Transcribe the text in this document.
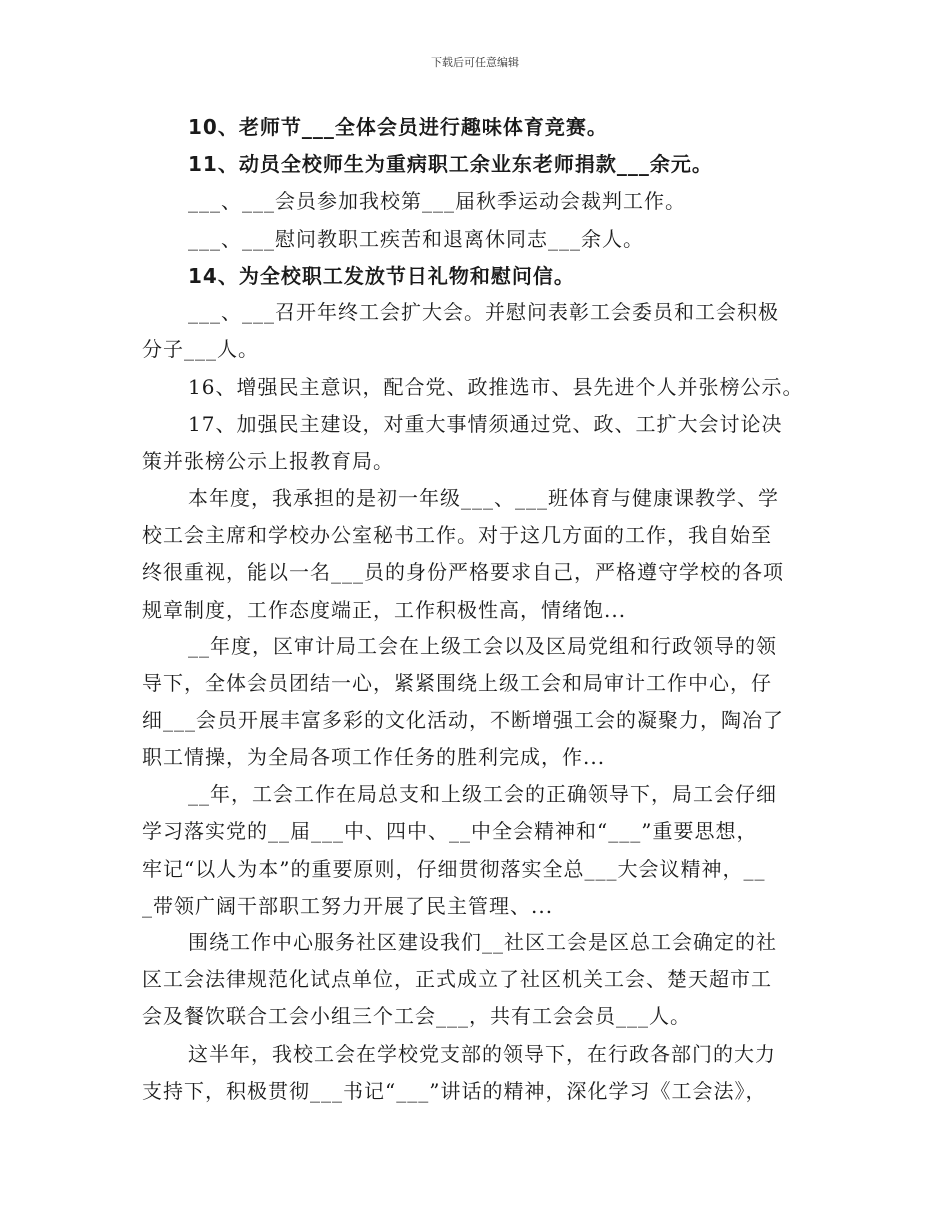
下载后可任意编辑
10、老师节___全体会员进行趣味体育竞赛。
11、动员全校师生为重病职工余业东老师捐款___余元。
___、___会员参加我校第___届秋季运动会裁判工作。
___、___慰问教职工疾苦和退离休同志___余人。
14、为全校职工发放节日礼物和慰问信。
___、___召开年终工会扩大会。并慰问表彰工会委员和工会积极
分子___人。
16、增强民主意识，配合党、政推选市、县先进个人并张榜公示。
17、加强民主建设，对重大事情须通过党、政、工扩大会讨论决
策并张榜公示上报教育局。
本年度，我承担的是初一年级___、___班体育与健康课教学、学
校工会主席和学校办公室秘书工作。对于这几方面的工作，我自始至
终很重视，能以一名___员的身份严格要求自己，严格遵守学校的各项
规章制度，工作态度端正，工作积极性高，情绪饱...
__年度，区审计局工会在上级工会以及区局党组和行政领导的领
导下，全体会员团结一心，紧紧围绕上级工会和局审计工作中心，仔
细___会员开展丰富多彩的文化活动，不断增强工会的凝聚力，陶冶了
职工情操，为全局各项工作任务的胜利完成，作...
__年，工会工作在局总支和上级工会的正确领导下，局工会仔细
学习落实党的__届___中、四中、__中全会精神和“___”重要思想，
牢记“以人为本”的重要原则，仔细贯彻落实全总___大会议精神，__
_带领广阔干部职工努力开展了民主管理、...
围绕工作中心服务社区建设我们__社区工会是区总工会确定的社
区工会法律规范化试点单位，正式成立了社区机关工会、楚天超市工
会及餐饮联合工会小组三个工会___，共有工会会员___人。
这半年，我校工会在学校党支部的领导下，在行政各部门的大力
支持下，积极贯彻___书记“___”讲话的精神，深化学习《工会法》，
